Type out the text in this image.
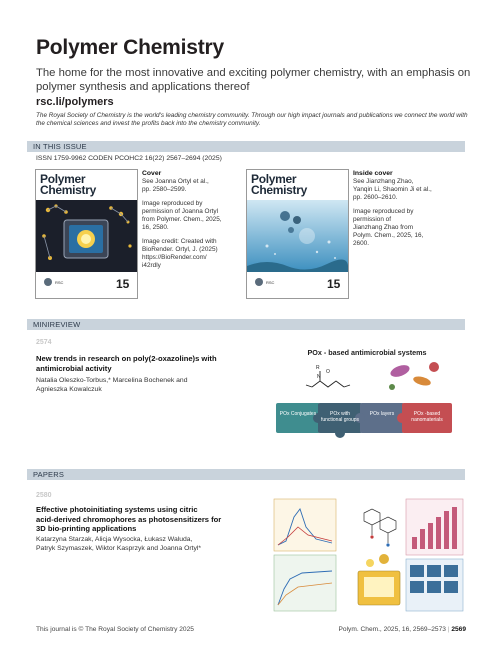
Polymer Chemistry
The home for the most innovative and exciting polymer chemistry, with an emphasis on polymer synthesis and applications thereof
rsc.li/polymers
The Royal Society of Chemistry is the world's leading chemistry community. Through our high impact journals and publications we connect the world with the chemical sciences and invest the profits back into the chemistry community.
IN THIS ISSUE
ISSN 1759-9962 CODEN PCOHC2 16(22) 2567–2694 (2025)
Polymer
Chemistry
RSC	15
Cover
See Joanna Ortyl et al.,
pp. 2580–2599.
Image reproduced by
permission of Joanna Ortyl
from Polymer. Chem., 2025,
16, 2580.
Image credit: Created with
BioRender. Ortyl, J. (2025)
https://BioRender.com/
i42rdly
Polymer
Chemistry
RSC	15
Inside cover
See Jianzhang Zhao,
Yanqin Li, Shaomin Ji et al.,
pp. 2600–2610.
Image reproduced by
permission of
Jianzhang Zhao from
Polym. Chem., 2025, 16,
2600.
MINIREVIEW
2574
New trends in research on poly(2-oxazoline)s with
antimicrobial activity
Natalia Oleszko-Torbus,* Marcelina Bochenek and
Agnieszka Kowalczuk
POx - based antimicrobial systems
R
N
O
POx Conjugates	POx with functional groups
POx layers	POx -based nanomaterials
PAPERS
2580
Effective photoinitiating systems using citric
acid-derived chromophores as photosensitizers for
3D bio-printing applications
Katarzyna Starzak, Alicja Wysocka, Łukasz Waluda,
Patryk Szymaszek, Wiktor Kasprzyk and Joanna Ortyl*
This journal is © The Royal Society of Chemistry 2025	Polym. Chem., 2025, 16, 2569–2573 | 2569
